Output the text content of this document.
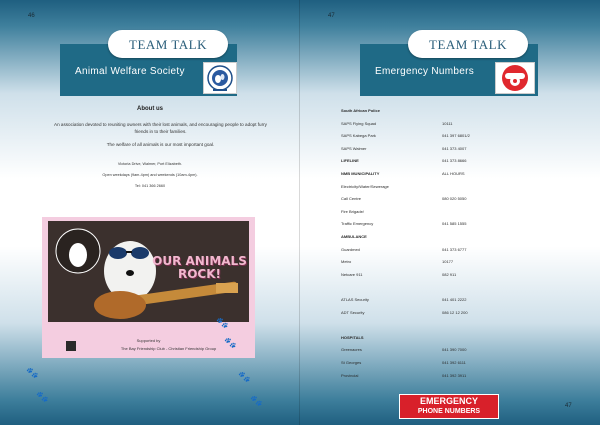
46
TEAM TALK
Animal Welfare Society
About us
An association devoted to reuniting owners with their lost animals, and encouraging people to adopt furry friends in to their families.
The welfare of all animals is our most important goal.
Victoria Drive, Walmer, Port Elizabeth.
Open weekdays (9am-4pm) and weekends (10am-4pm).
Tel: 041 366 2660
OUR ANIMALS
ROCK!
Supported by
The Bay Friendship Club - Christian Friendship Group
🐾
🐾
🐾
🐾
🐾
🐾
47
TEAM TALK
Emergency Numbers
South African Police
SAPS Flying Squad	10111
SAPS Kabega Park	041 397 6801/2
SAPS Walmer	041 373 4007
LIFELINE	041 373 8666
NMB MUNICIPALITY	ALL HOURS
Electricity/Water/Sewerage
Call Centre	080 020 5050
Fire Brigade/
Traffic Emergency	041 585 1555
AMBULANCE
Guardmed	041 373 6777
Metro	10177
Netcare 911	082 911
ATLAS Security	041 401 2222
ADT Security	086 12 12 200
HOSPITALS
Greenacres	041 390 7000
St Georges	041 392 6111
Provincial	041 392 3911
EMERGENCY
PHONE NUMBERS
47
